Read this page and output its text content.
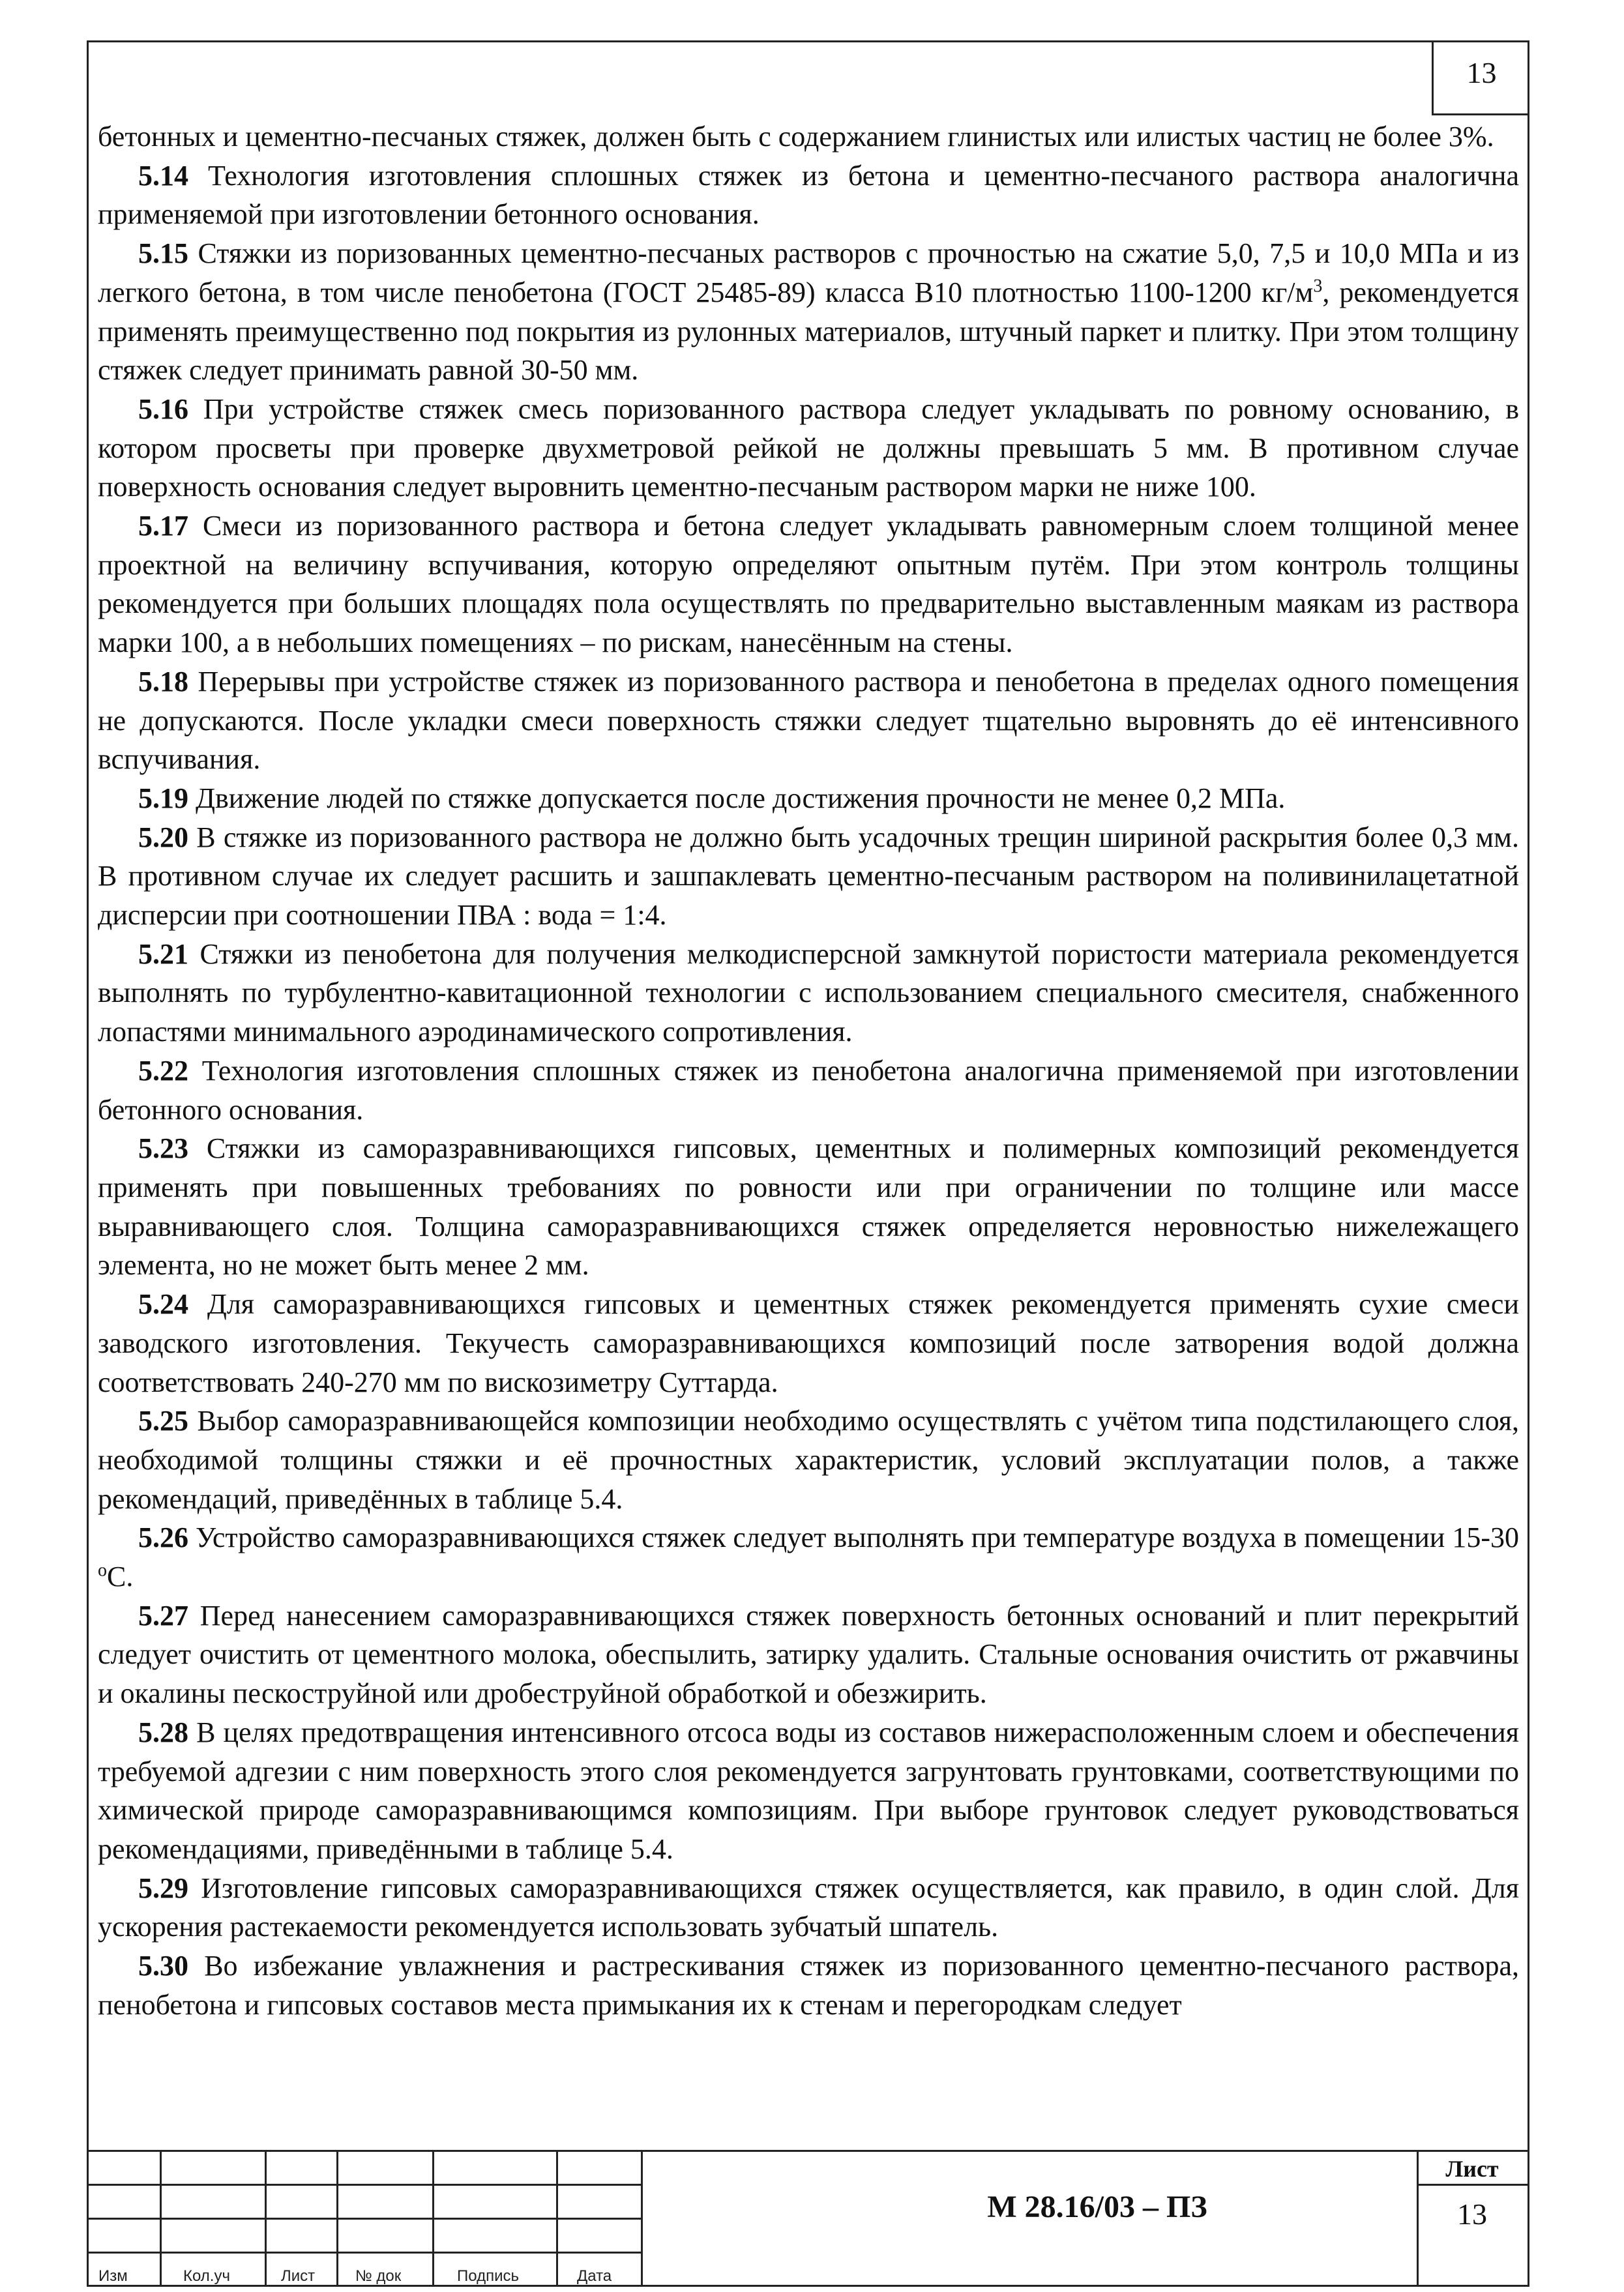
13

бетонных и цементно-песчаных стяжек, должен быть с содержанием глинистых или илистых частиц не более 3%.

5.14 Технология изготовления сплошных стяжек из бетона и цементно-песчаного раствора аналогична применяемой при изготовлении бетонного основания.

5.15 Стяжки из поризованных цементно-песчаных растворов с прочностью на сжатие 5,0, 7,5 и 10,0 МПа и из легкого бетона, в том числе пенобетона (ГОСТ 25485-89) класса В10 плотностью 1100-1200 $кг/м^3$, рекомендуется применять преимущественно под покрытия из рулонных материалов, штучный паркет и плитку. При этом толщину стяжек следует принимать равной 30-50 мм.

5.16 При устройстве стяжек смесь поризованного раствора следует укладывать по ровному основанию, в котором просветы при проверке двухметровой рейкой не должны превышать 5 мм. В противном случае поверхность основания следует выровнить цементно-песчаным раствором марки не ниже 100.

5.17 Смеси из поризованного раствора и бетона следует укладывать равномерным слоем толщиной менее проектной на величину вспучивания, которую определяют опытным путём. При этом контроль толщины рекомендуется при больших площадях пола осуществлять по предварительно выставленным маякам из раствора марки 100, а в небольших помещениях – по рискам, нанесённым на стены.

5.18 Перерывы при устройстве стяжек из поризованного раствора и пенобетона в пределах одного помещения не допускаются. После укладки смеси поверхность стяжки следует тщательно выровнять до её интенсивного вспучивания.

5.19 Движение людей по стяжке допускается после достижения прочности не менее 0,2 МПа.

5.20 В стяжке из поризованного раствора не должно быть усадочных трещин шириной раскрытия более 0,3 мм. В противном случае их следует расшить и зашпаклевать цементно-песчаным раствором на поливинилацетатной дисперсии при соотношении ПВА : вода = 1:4.

5.21 Стяжки из пенобетона для получения мелкодисперсной замкнутой пористости материала рекомендуется выполнять по турбулентно-кавитационной технологии с использованием специального смесителя, снабженного лопастями минимального аэродинамического сопротивления.

5.22 Технология изготовления сплошных стяжек из пенобетона аналогична применяемой при изготовлении бетонного основания.

5.23 Стяжки из саморазравнивающихся гипсовых, цементных и полимерных композиций рекомендуется применять при повышенных требованиях по ровности или при ограничении по толщине или массе выравнивающего слоя. Толщина саморазравнивающихся стяжек определяется неровностью нижележащего элемента, но не может быть менее 2 мм.

5.24 Для саморазравнивающихся гипсовых и цементных стяжек рекомендуется применять сухие смеси заводского изготовления. Текучесть саморазравнивающихся композиций после затворения водой должна соответствовать 240-270 мм по вискозиметру Суттарда.

5.25 Выбор саморазравнивающейся композиции необходимо осуществлять с учётом типа подстилающего слоя, необходимой толщины стяжки и её прочностных характеристик, условий эксплуатации полов, а также рекомендаций, приведённых в таблице 5.4.

5.26 Устройство саморазравнивающихся стяжек следует выполнять при температуре воздуха в помещении 15-30 $^o$С.

5.27 Перед нанесением саморазравнивающихся стяжек поверхность бетонных оснований и плит перекрытий следует очистить от цементного молока, обеспылить, затирку удалить. Стальные основания очистить от ржавчины и окалины пескоструйной или дробеструйной обработкой и обезжирить.

5.28 В целях предотвращения интенсивного отсоса воды из составов нижерасположенным слоем и обеспечения требуемой адгезии с ним поверхность этого слоя рекомендуется загрунтовать грунтовками, соответствующими по химической природе саморазравнивающимся композициям. При выборе грунтовок следует руководствоваться рекомендациями, приведёнными в таблице 5.4.

5.29 Изготовление гипсовых саморазравнивающихся стяжек осуществляется, как правило, в один слой. Для ускорения растекаемости рекомендуется использовать зубчатый шпатель.

5.30 Во избежание увлажнения и растрескивания стяжек из поризованного цементно-песчаного раствора, пенобетона и гипсовых составов места примыкания их к стенам и перегородкам следует

Изм	Кол.уч	Лист	№ док	Подпись	Дата
М 28.16/03 – ПЗ
Лист
13
